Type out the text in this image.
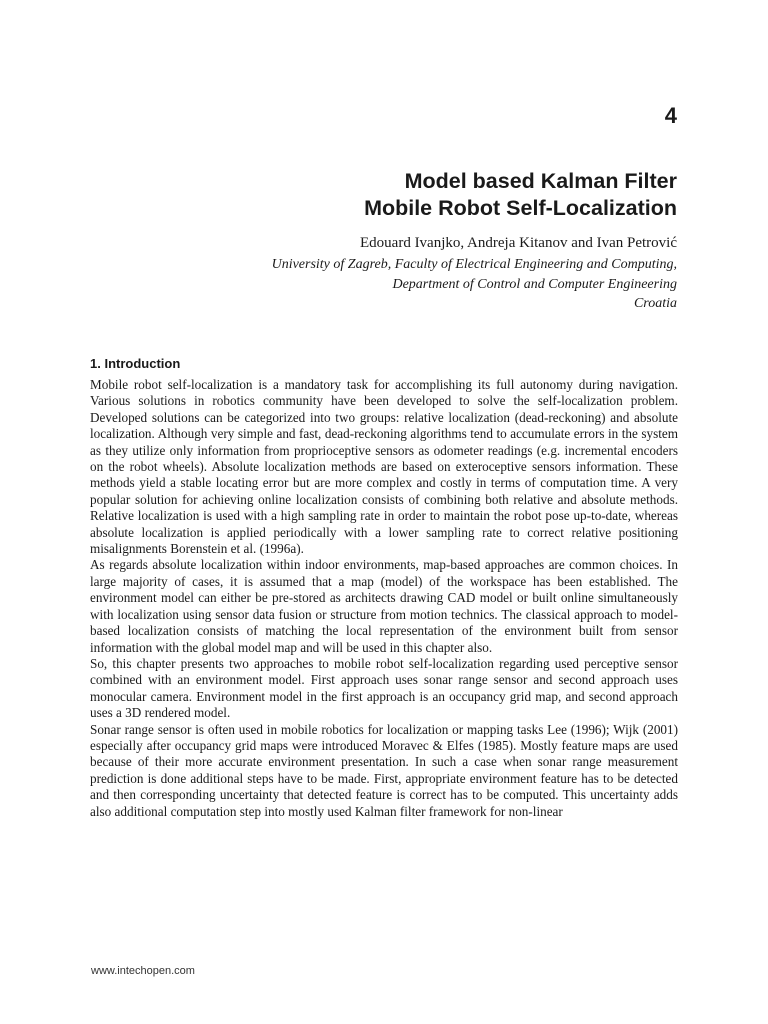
4
Model based Kalman Filter
Mobile Robot Self-Localization
Edouard Ivanjko, Andreja Kitanov and Ivan Petrović
University of Zagreb, Faculty of Electrical Engineering and Computing,
Department of Control and Computer Engineering
Croatia
1. Introduction

Mobile robot self-localization is a mandatory task for accomplishing its full autonomy during navigation. Various solutions in robotics community have been developed to solve the self-localization problem. Developed solutions can be categorized into two groups: relative localization (dead-reckoning) and absolute localization. Although very simple and fast, dead-reckoning algorithms tend to accumulate errors in the system as they utilize only information from proprioceptive sensors as odometer readings (e.g. incremental encoders on the robot wheels). Absolute localization methods are based on exteroceptive sensors information. These methods yield a stable locating error but are more complex and costly in terms of computation time. A very popular solution for achieving online localization consists of combining both relative and absolute methods. Relative localization is used with a high sampling rate in order to maintain the robot pose up-to-date, whereas absolute localization is applied periodically with a lower sampling rate to correct relative positioning misalignments Borenstein et al. (1996a).

As regards absolute localization within indoor environments, map-based approaches are common choices. In large majority of cases, it is assumed that a map (model) of the workspace has been established. The environment model can either be pre-stored as architects drawing CAD model or built online simultaneously with localization using sensor data fusion or structure from motion technics. The classical approach to model-based localization consists of matching the local representation of the environment built from sensor information with the global model map and will be used in this chapter also.

So, this chapter presents two approaches to mobile robot self-localization regarding used perceptive sensor combined with an environment model. First approach uses sonar range sensor and second approach uses monocular camera. Environment model in the first approach is an occupancy grid map, and second approach uses a 3D rendered model.

Sonar range sensor is often used in mobile robotics for localization or mapping tasks Lee (1996); Wijk (2001) especially after occupancy grid maps were introduced Moravec & Elfes (1985). Mostly feature maps are used because of their more accurate environment presentation. In such a case when sonar range measurement prediction is done additional steps have to be made. First, appropriate environment feature has to be detected and then corresponding uncertainty that detected feature is correct has to be computed. This uncertainty adds also additional computation step into mostly used Kalman filter framework for non-linear

www.intechopen.com
